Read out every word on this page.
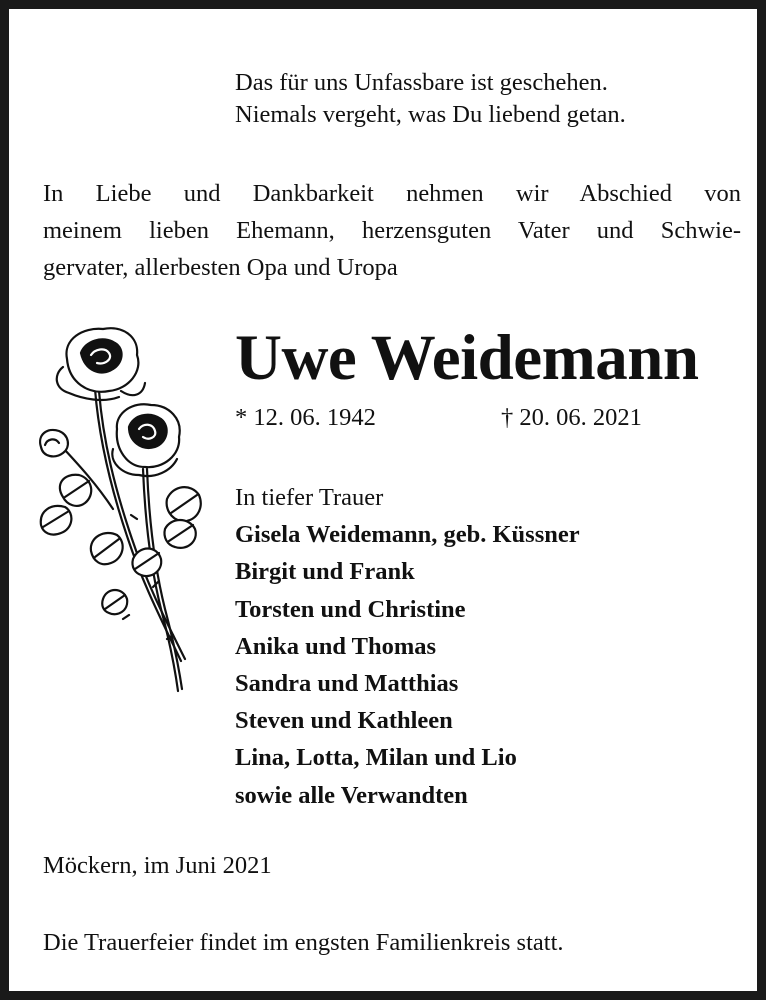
Das für uns Unfassbare ist geschehen.
Niemals vergeht, was Du liebend getan.
In Liebe und Dankbarkeit nehmen wir Abschied von
meinem lieben Ehemann, herzensguten Vater und Schwie-
gervater, allerbesten Opa und Uropa
Uwe Weidemann
* 12. 06. 1942	† 20. 06. 2021
In tiefer Trauer
Gisela Weidemann, geb. Küssner
Birgit und Frank
Torsten und Christine
Anika und Thomas
Sandra und Matthias
Steven und Kathleen
Lina, Lotta, Milan und Lio
sowie alle Verwandten
Möckern, im Juni 2021
Die Trauerfeier findet im engsten Familienkreis statt.
